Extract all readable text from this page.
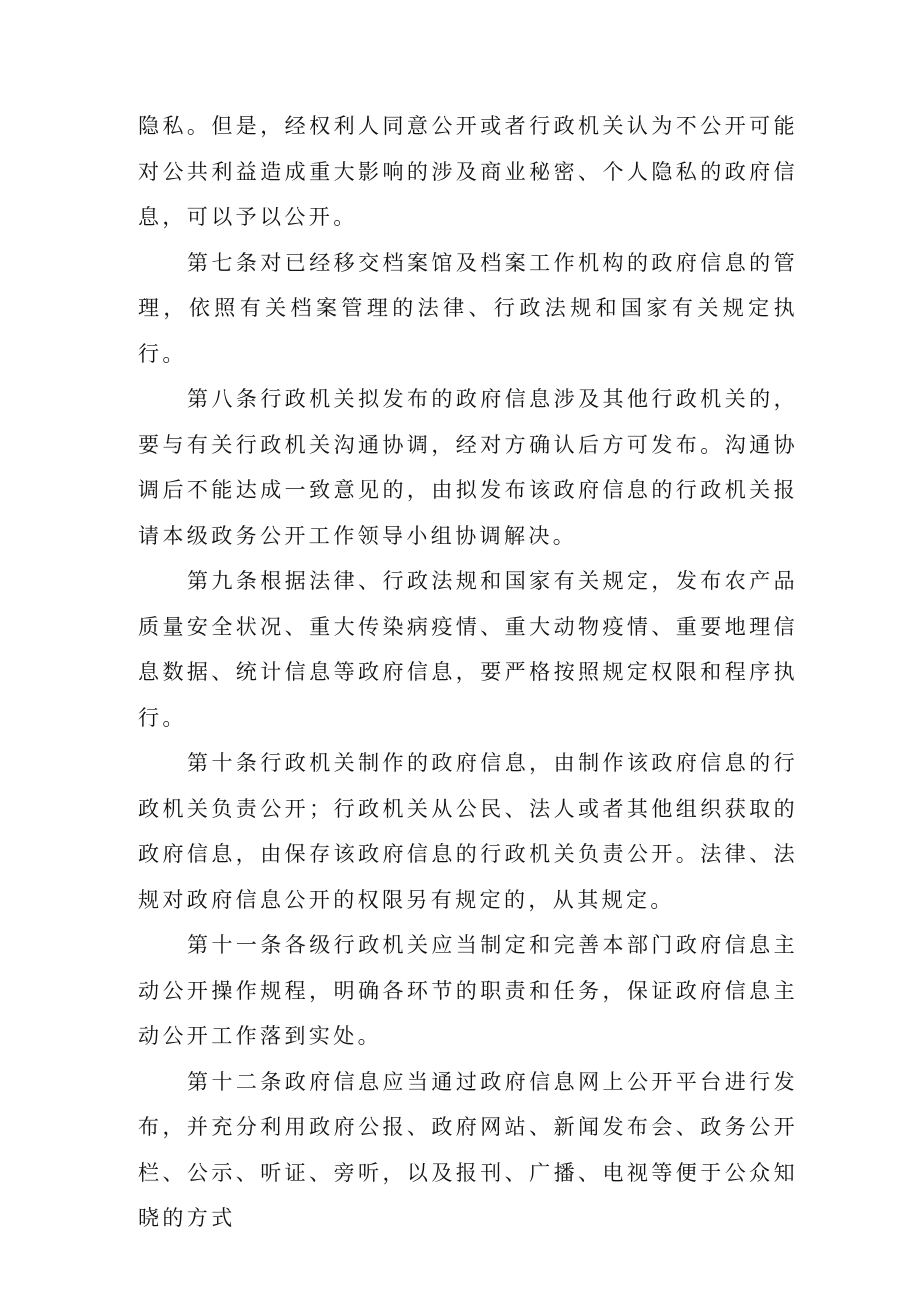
隐私。但是，经权利人同意公开或者行政机关认为不公开可能对公共利益造成重大影响的涉及商业秘密、个人隐私的政府信息，可以予以公开。

第七条对已经移交档案馆及档案工作机构的政府信息的管理，依照有关档案管理的法律、行政法规和国家有关规定执行。

第八条行政机关拟发布的政府信息涉及其他行政机关的，要与有关行政机关沟通协调，经对方确认后方可发布。沟通协调后不能达成一致意见的，由拟发布该政府信息的行政机关报请本级政务公开工作领导小组协调解决。

第九条根据法律、行政法规和国家有关规定，发布农产品质量安全状况、重大传染病疫情、重大动物疫情、重要地理信息数据、统计信息等政府信息，要严格按照规定权限和程序执行。

第十条行政机关制作的政府信息，由制作该政府信息的行政机关负责公开；行政机关从公民、法人或者其他组织获取的政府信息，由保存该政府信息的行政机关负责公开。法律、法规对政府信息公开的权限另有规定的，从其规定。

第十一条各级行政机关应当制定和完善本部门政府信息主动公开操作规程，明确各环节的职责和任务，保证政府信息主动公开工作落到实处。

第十二条政府信息应当通过政府信息网上公开平台进行发布，并充分利用政府公报、政府网站、新闻发布会、政务公开栏、公示、听证、旁听，以及报刊、广播、电视等便于公众知晓的方式
